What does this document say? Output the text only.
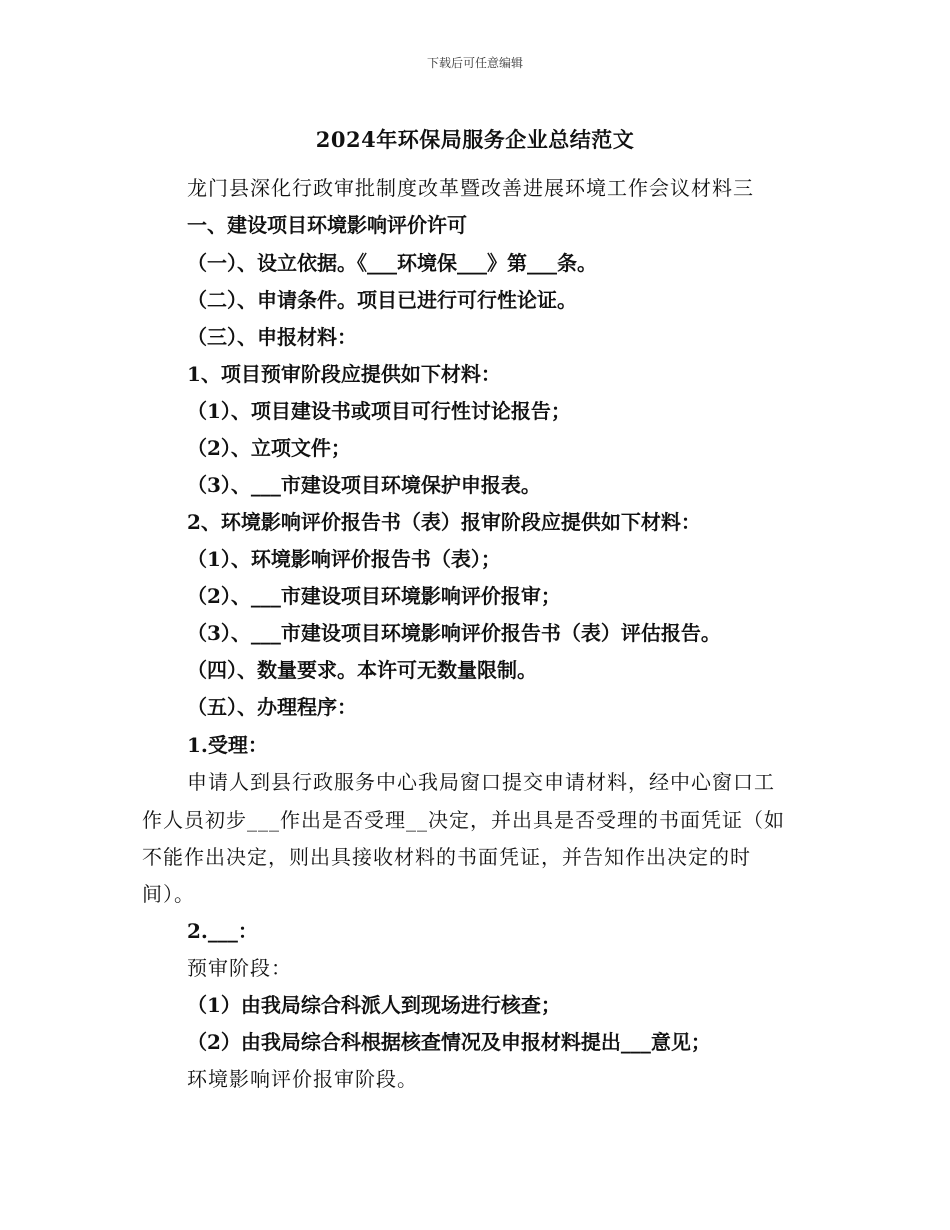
下载后可任意编辑
2024年环保局服务企业总结范文
龙门县深化行政审批制度改革暨改善进展环境工作会议材料三
一、建设项目环境影响评价许可
（一）、设立依据。《___环境保___》第___条。
（二）、申请条件。项目已进行可行性论证。
（三）、申报材料：
1、项目预审阶段应提供如下材料：
（1）、项目建设书或项目可行性讨论报告；
（2）、立项文件；
（3）、___市建设项目环境保护申报表。
2、环境影响评价报告书（表）报审阶段应提供如下材料：
（1）、环境影响评价报告书（表）；
（2）、___市建设项目环境影响评价报审；
（3）、___市建设项目环境影响评价报告书（表）评估报告。
（四）、数量要求。本许可无数量限制。
（五）、办理程序：
1.受理：
申请人到县行政服务中心我局窗口提交申请材料，经中心窗口工
作人员初步___作出是否受理__决定，并出具是否受理的书面凭证（如
不能作出决定，则出具接收材料的书面凭证，并告知作出决定的时
间）。
2.___：
预审阶段：
（1）由我局综合科派人到现场进行核查；
（2）由我局综合科根据核查情况及申报材料提出___意见；
环境影响评价报审阶段。
